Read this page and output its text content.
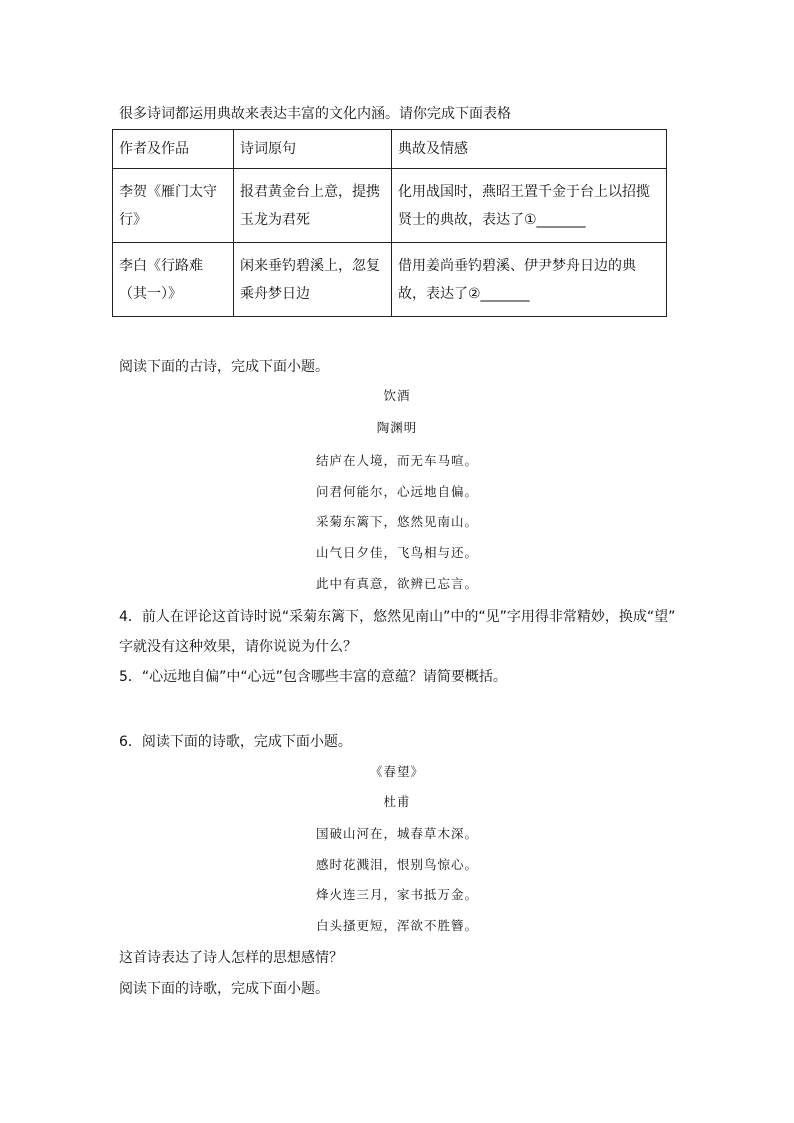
很多诗词都运用典故来表达丰富的文化内涵。请你完成下面表格
作者及作品	诗词原句	典故及情感
李贺《雁门太守行》	报君黄金台上意，提携玉龙为君死	化用战国时，燕昭王置千金于台上以招揽贤士的典故，表达了①_______
李白《行路难（其一）》	闲来垂钓碧溪上，忽复乘舟梦日边	借用姜尚垂钓碧溪、伊尹梦舟日边的典故，表达了②_______
阅读下面的古诗，完成下面小题。
饮酒
陶渊明
结庐在人境，而无车马喧。
问君何能尔，心远地自偏。
采菊东篱下，悠然见南山。
山气日夕佳，飞鸟相与还。
此中有真意，欲辨已忘言。
4．前人在评论这首诗时说“采菊东篱下，悠然见南山”中的“见”字用得非常精妙，换成“望”
字就没有这种效果，请你说说为什么？
5．“心远地自偏”中“心远”包含哪些丰富的意蕴？请简要概括。
6．阅读下面的诗歌，完成下面小题。
《春望》
杜甫
国破山河在，城春草木深。
感时花溅泪，恨别鸟惊心。
烽火连三月，家书抵万金。
白头搔更短，浑欲不胜簪。
这首诗表达了诗人怎样的思想感情？
阅读下面的诗歌，完成下面小题。
